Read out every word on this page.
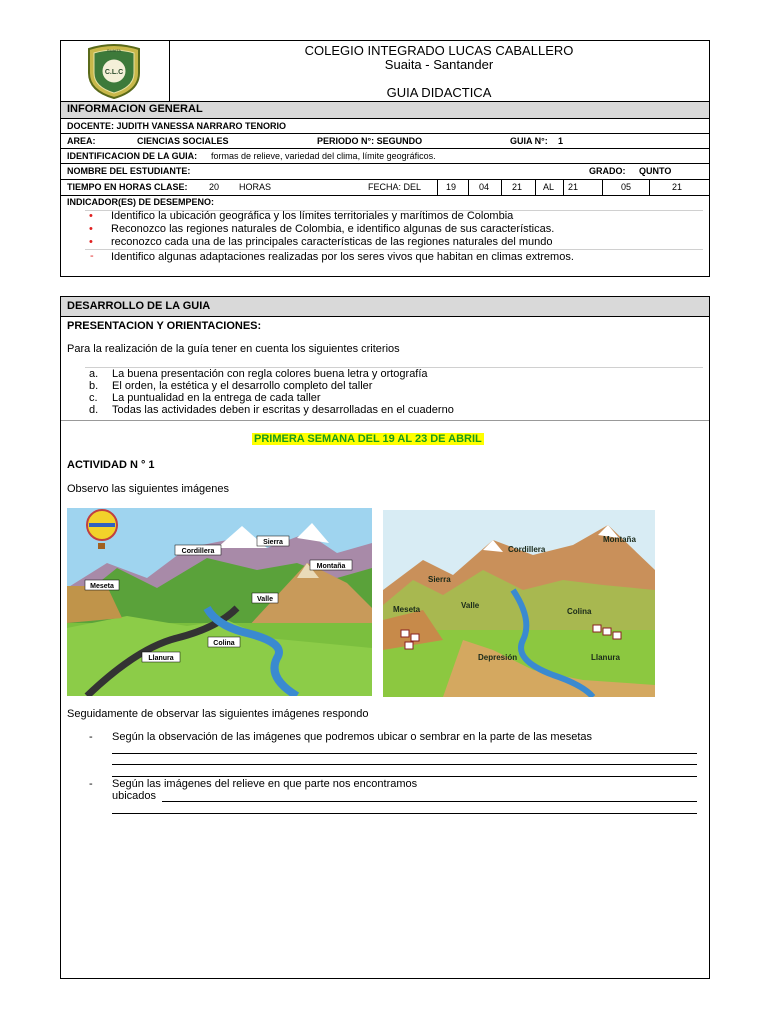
C.L.C
SUAITA	COLEGIO INTEGRADO LUCAS CABALLERO
Suaita - Santander
GUIA DIDACTICA
INFORMACION GENERAL
DOCENTE: JUDITH VANESSA NARRARO TENORIO
AREA:	CIENCIAS SOCIALES	PERIODO N°: SEGUNDO	GUIA N°: 1
IDENTIFICACION DE LA GUIA: formas de relieve, variedad del clima, límite geográficos.
NOMBRE DEL ESTUDIANTE:	GRADO: QUNTO
TIEMPO EN HORAS CLASE: 20 HORAS	FECHA: DEL	19	04	21 AL 21	05	21
INDICADOR(ES) DE DESEMPENO:
• Identifico la ubicación geográfica y los límites territoriales y marítimos de Colombia
• Reconozco las regiones naturales de Colombia, e identifico algunas de sus características.
• reconozco cada una de las principales características de las regiones naturales del mundo
- Identifico algunas adaptaciones realizadas por los seres vivos que habitan en climas extremos.
DESARROLLO DE LA GUIA
PRESENTACION Y ORIENTACIONES:
Para la realización de la guía tener en cuenta los siguientes criterios
a. La buena presentación con regla colores buena letra y ortografía
b. El orden, la estética y el desarrollo completo del taller
c. La puntualidad en la entrega de cada taller
d. Todas las actividades deben ir escritas y desarrolladas en el cuaderno
PRIMERA SEMANA DEL 19 AL 23 DE ABRIL
ACTIVIDAD N ° 1
Observo las siguientes imágenes
Sierra
Cordillera
Montaña
Meseta
Valle
Colina
Llanura
Cordillera
Montaña
Sierra
Meseta	Valle
Colina
Depresión	Llanura
Seguidamente de observar las siguientes imágenes respondo
- Según la observación de las imágenes que podremos ubicar o sembrar en la parte de las mesetas
- Según las imágenes del relieve en que parte nos encontramos
ubicados
